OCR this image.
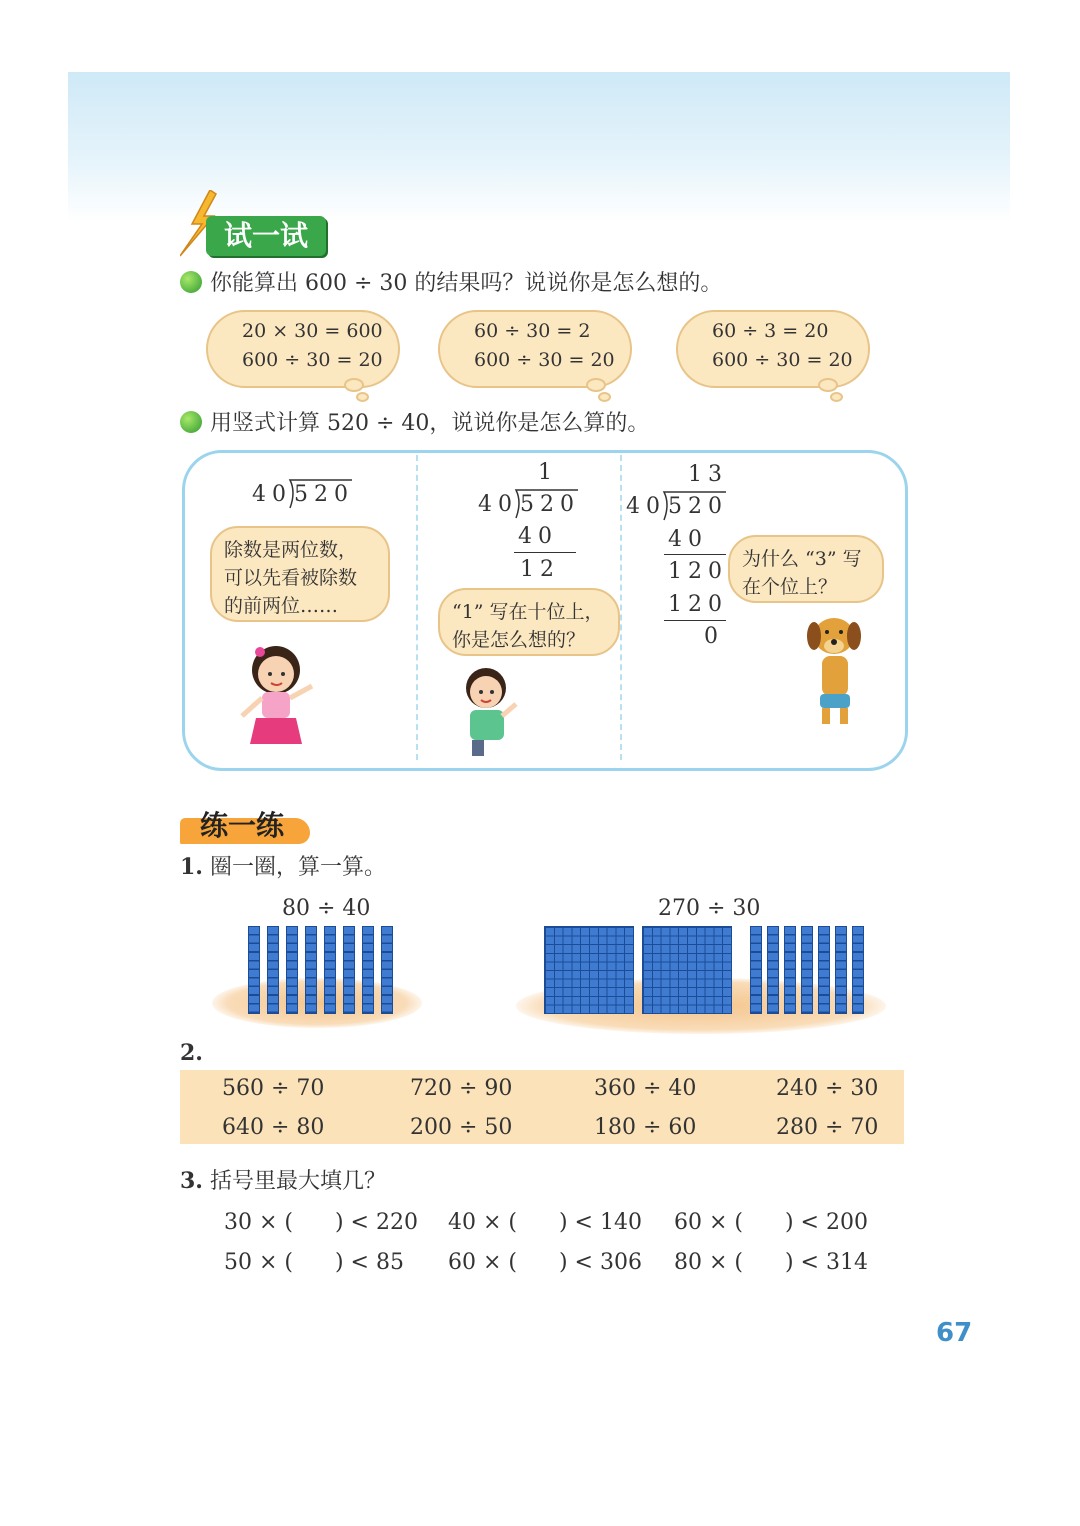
试一试
你能算出 600 ÷ 30 的结果吗？说说你是怎么想的。
20 × 30 = 600
600 ÷ 30 = 20
60 ÷ 30 = 2
600 ÷ 30 = 20
60 ÷ 3 = 20
600 ÷ 30 = 20
用竖式计算 520 ÷ 40，说说你是怎么算的。
40 520
1
40 520
40
12
13
40 520
40
120
120
0
除数是两位数，
可以先看被除数
的前两位……	“1” 写在十位上，
你是怎么想的？
为什么 “3” 写
在个位上？
练一练
1. 圈一圈，算一算。
80 ÷ 40	270 ÷ 30
2.
560 ÷ 70	720 ÷ 90	360 ÷ 40	240 ÷ 30
640 ÷ 80	200 ÷ 50	180 ÷ 60	280 ÷ 70
3. 括号里最大填几？
30 × (      ) < 220 40 × (      ) < 140 60 × (      ) < 200
50 × (      ) < 85 60 × (      ) < 306 80 × (      ) < 314
67
